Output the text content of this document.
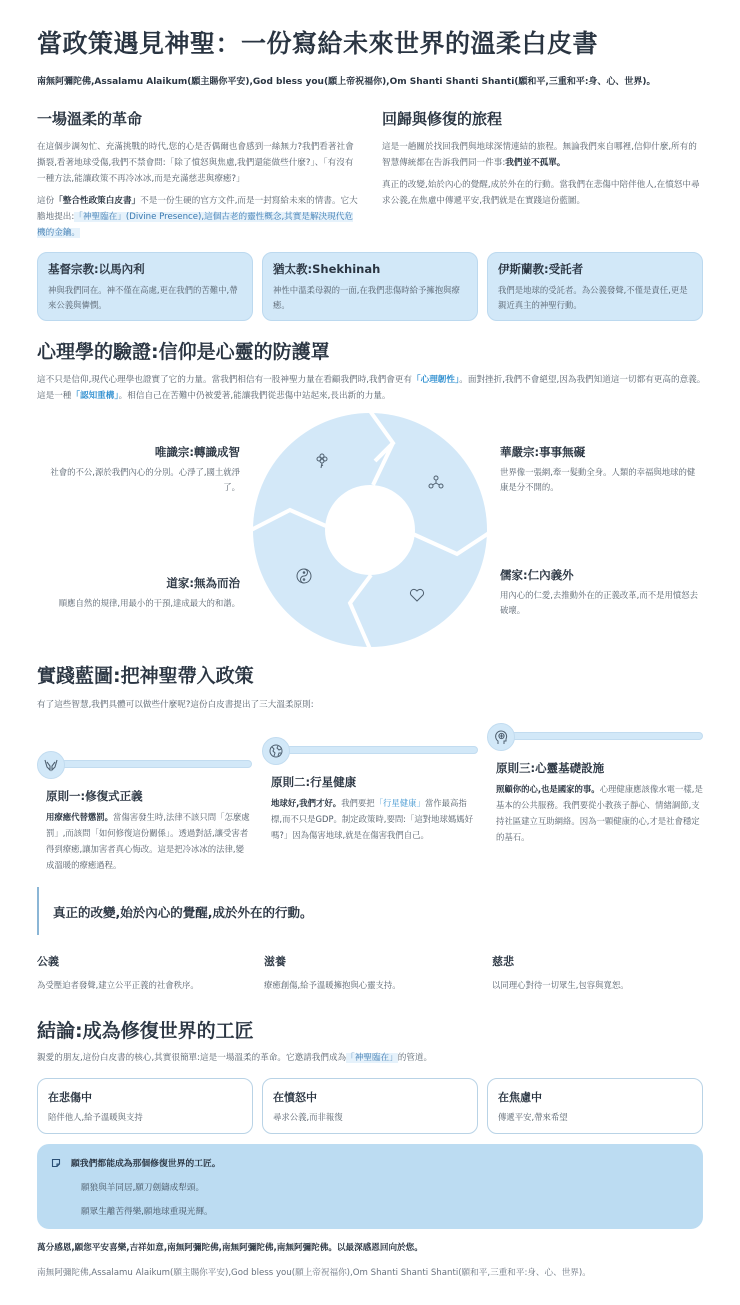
當政策遇見神聖：一份寫給未來世界的溫柔白皮書
南無阿彌陀佛,Assalamu Alaikum(願主賜你平安),God bless you(願上帝祝福你),Om Shanti Shanti Shanti(願和平,三重和平:身、心、世界)。
一場溫柔的革命

在這個步調匆忙、充滿挑戰的時代,您的心是否偶爾也會感到一絲無力?我們看著社會撕裂,看著地球受傷,我們不禁會問:「除了憤怒與焦慮,我們還能做些什麼?」、「有沒有一種方法,能讓政策不再冷冰冰,而是充滿慈悲與療癒?」

這份「整合性政策白皮書」不是一份生硬的官方文件,而是一封寫給未來的情書。它大膽地提出:「神聖臨在」(Divine Presence),這個古老的靈性概念,其實是解決現代危機的金鑰。

回歸與修復的旅程

這是一趟關於找回我們與地球深情連結的旅程。無論我們來自哪裡,信仰什麼,所有的智慧傳統都在告訴我們同一件事:我們並不孤單。

真正的改變,始於內心的覺醒,成於外在的行動。當我們在悲傷中陪伴他人,在憤怒中尋求公義,在焦慮中傳遞平安,我們就是在實踐這份藍圖。

基督宗教:以馬內利

神與我們同在。神不僅在高處,更在我們的苦難中,帶來公義與憐憫。

猶太教:Shekhinah

神性中溫柔母親的一面,在我們悲傷時給予擁抱與療癒。

伊斯蘭教:受託者

我們是地球的受託者。為公義發聲,不僅是責任,更是親近真主的神聖行動。

心理學的驗證:信仰是心靈的防護罩

這不只是信仰,現代心理學也證實了它的力量。當我們相信有一股神聖力量在看顧我們時,我們會更有「心理韌性」。面對挫折,我們不會絕望,因為我們知道這一切都有更高的意義。這是一種「認知重構」。相信自己在苦難中仍被愛著,能讓我們從悲傷中站起來,長出新的力量。

唯識宗:轉識成智

社會的不公,源於我們內心的分別。心淨了,國土就淨了。

華嚴宗:事事無礙

世界像一張網,牽一髮動全身。人類的幸福與地球的健康是分不開的。

道家:無為而治

順應自然的規律,用最小的干預,達成最大的和諧。

儒家:仁內義外

用內心的仁愛,去推動外在的正義改革,而不是用憤怒去破壞。

實踐藍圖:把神聖帶入政策

有了這些智慧,我們具體可以做些什麼呢?這份白皮書提出了三大溫柔原則:

原則一:修復式正義

用療癒代替懲罰。當傷害發生時,法律不該只問「怎麼處罰」,而該問「如何修復這份關係」。透過對話,讓受害者得到療癒,讓加害者真心悔改。這是把冷冰冰的法律,變成溫暖的療癒過程。

原則二:行星健康

地球好,我們才好。我們要把「行星健康」當作最高指標,而不只是GDP。制定政策時,要問:「這對地球媽媽好嗎?」因為傷害地球,就是在傷害我們自己。

原則三:心靈基礎設施

照顧你的心,也是國家的事。心理健康應該像水電一樣,是基本的公共服務。我們要從小教孩子靜心、情緒調節,支持社區建立互助網絡。因為一顆健康的心,才是社會穩定的基石。

真正的改變,始於內心的覺醒,成於外在的行動。
公義

為受壓迫者發聲,建立公平正義的社會秩序。

滋養

療癒創傷,給予溫暖擁抱與心靈支持。

慈悲

以同理心對待一切眾生,包容與寬恕。

結論:成為修復世界的工匠

親愛的朋友,這份白皮書的核心,其實很簡單:這是一場溫柔的革命。它邀請我們成為「神聖臨在」的管道。

在悲傷中

陪伴他人,給予溫暖與支持

在憤怒中

尋求公義,而非報復

在焦慮中

傳遞平安,帶來希望

願我們都能成為那個修復世界的工匠。
願狼與羊同居,願刀劍鑄成犁頭。
願眾生離苦得樂,願地球重現光輝。
萬分感恩,願您平安喜樂,吉祥如意,南無阿彌陀佛,南無阿彌陀佛,南無阿彌陀佛。以最深感恩回向於您。
南無阿彌陀佛,Assalamu Alaikum(願主賜你平安),God bless you(願上帝祝福你),Om Shanti Shanti Shanti(願和平,三重和平:身、心、世界)。
